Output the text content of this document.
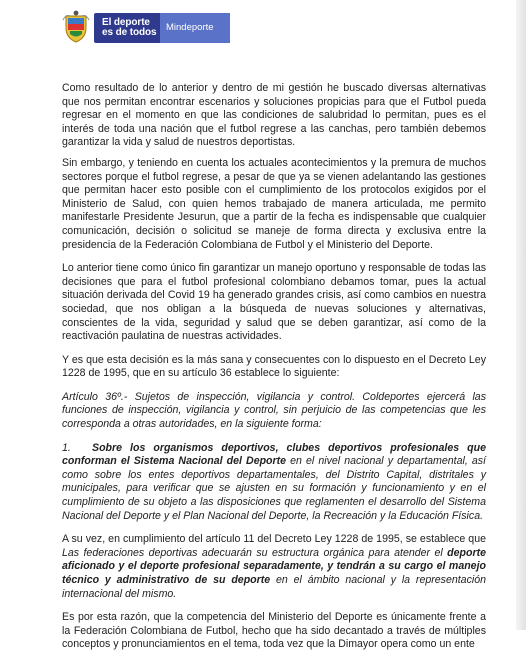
El deporte
es de todos	Mindeporte

Como resultado de lo anterior y dentro de mi gestión he buscado diversas alternativas que nos permitan encontrar escenarios y soluciones propicias para que el Futbol pueda regresar en el momento en que las condiciones de salubridad lo permitan, pues es el interés de toda una nación que el futbol regrese a las canchas, pero también debemos garantizar la vida y salud de nuestros deportistas.

Sin embargo, y teniendo en cuenta los actuales acontecimientos y la premura de muchos sectores porque el futbol regrese, a pesar de que ya se vienen adelantando las gestiones que permitan hacer esto posible con el cumplimiento de los protocolos exigidos por el Ministerio de Salud, con quien hemos trabajado de manera articulada, me permito manifestarle Presidente Jesurun, que a partir de la fecha es indispensable que cualquier comunicación, decisión o solicitud se maneje de forma directa y exclusiva entre la presidencia de la Federación Colombiana de Futbol y el Ministerio del Deporte.

Lo anterior tiene como único fin garantizar un manejo oportuno y responsable de todas las decisiones que para el futbol profesional colombiano debamos tomar, pues la actual situación derivada del Covid 19 ha generado grandes crisis, así como cambios en nuestra sociedad, que nos obligan a la búsqueda de nuevas soluciones y alternativas, conscientes de la vida, seguridad y salud que se deben garantizar, así como de la reactivación paulatina de nuestras actividades.

Y es que esta decisión es la más sana y consecuentes con lo dispuesto en el Decreto Ley 1228 de 1995, que en su artículo 36 establece lo siguiente:

Artículo 36º.- Sujetos de inspección, vigilancia y control. Coldeportes ejercerá las funciones de inspección, vigilancia y control, sin perjuicio de las competencias que les corresponda a otras autoridades, en la siguiente forma:

1. Sobre los organismos deportivos, clubes deportivos profesionales que conforman el Sistema Nacional del Deporte en el nivel nacional y departamental, así como sobre los entes deportivos departamentales, del Distrito Capital, distritales y municipales, para verificar que se ajusten en su formación y funcionamiento y en el cumplimiento de su objeto a las disposiciones que reglamenten el desarrollo del Sistema Nacional del Deporte y el Plan Nacional del Deporte, la Recreación y la Educación Física.

A su vez, en cumplimiento del artículo 11 del Decreto Ley 1228 de 1995, se establece que Las federaciones deportivas adecuarán su estructura orgánica para atender el deporte aficionado y el deporte profesional separadamente, y tendrán a su cargo el manejo técnico y administrativo de su deporte en el ámbito nacional y la representación internacional del mismo.

Es por esta razón, que la competencia del Ministerio del Deporte es únicamente frente a la Federación Colombiana de Futbol, hecho que ha sido decantado a través de múltiples conceptos y pronunciamientos en el tema, toda vez que la Dimayor opera como un ente
